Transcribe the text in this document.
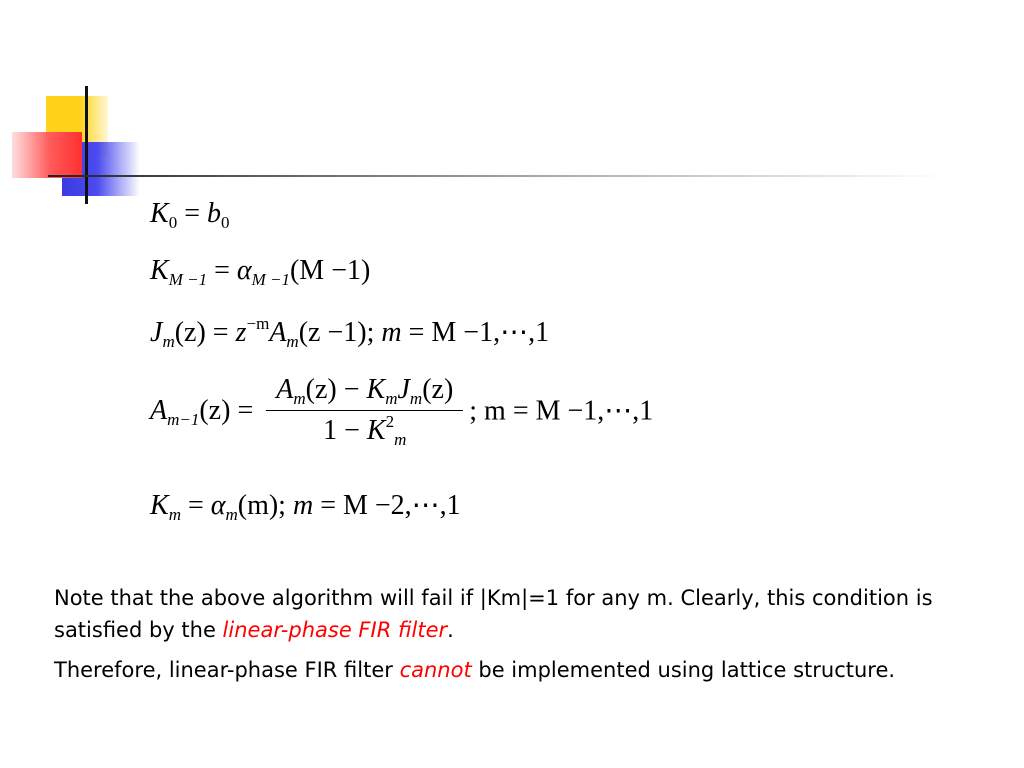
$K_0 = b_0$
$K_{M -1} = \alpha_{M -1}(M -1)$
$J_m(z) = z^{-m}A_m(z -1)$; m = M −1,⋯,1
$A_{m-1}(z) = \frac{A_m(z) - K_mJ_m(z)}{1 - K^2_m}$ ; m = M −1,⋯,1
$K_m = \alpha_m(m)$; m = M −2,⋯,1

Note that the above algorithm will fail if |Km|=1 for any m. Clearly, this condition is satisfied by the linear-phase FIR filter.

Therefore, linear-phase FIR filter cannot be implemented using lattice structure.
